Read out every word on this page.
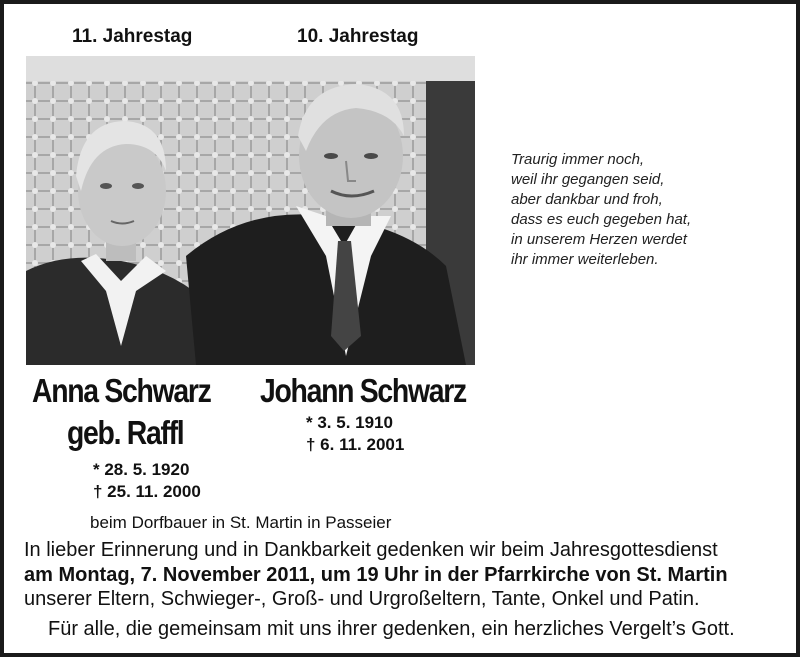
11. Jahrestag	10. Jahrestag
Traurig immer noch,
weil ihr gegangen seid,
aber dankbar und froh,
dass es euch gegeben hat,
in unserem Herzen werdet
ihr immer weiterleben.
Anna Schwarz
geb. Raffl
Johann Schwarz
* 3. 5. 1910
† 6. 11. 2001
* 28. 5. 1920
† 25. 11. 2000
beim Dorfbauer in St. Martin in Passeier
In lieber Erinnerung und in Dankbarkeit gedenken wir beim Jahresgottesdienst
am Montag, 7. November 2011, um 19 Uhr in der Pfarrkirche von St. Martin
unserer Eltern, Schwieger-, Groß- und Urgroßeltern, Tante, Onkel und Patin.
Für alle, die gemeinsam mit uns ihrer gedenken, ein herzliches Vergelt’s Gott.
